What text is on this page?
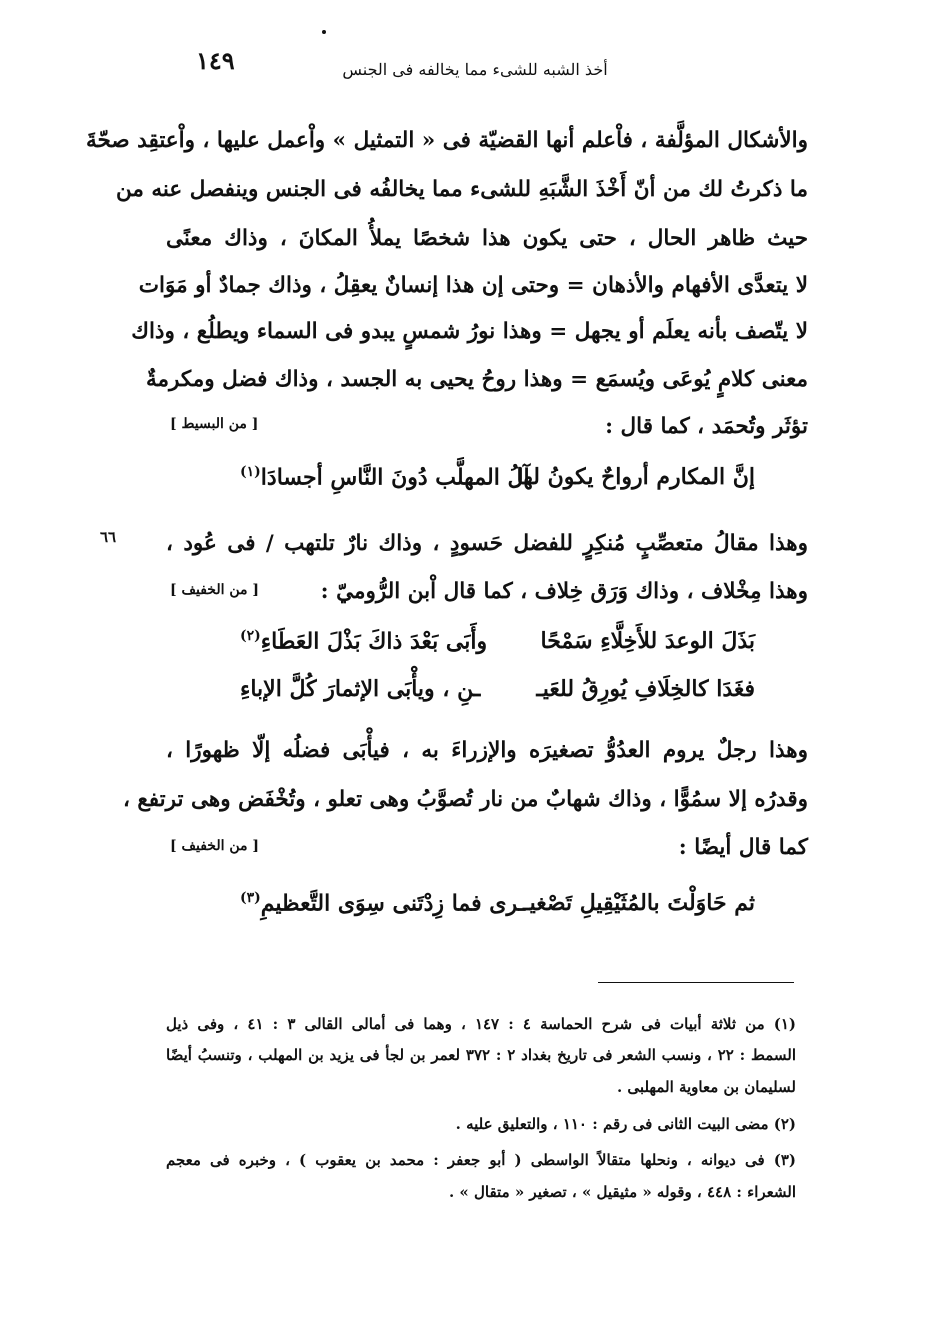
١٤٩	أخذ الشبه للشىء مما يخالفه فى الجنس
والأشكال المؤلَّفة ، فاْعلم أنها القضيّة فى « التمثيل » واْعمل عليها ، واْعتقِد صحّةَ
ما ذكرتُ لك من أنّ أَخْذَ الشَّبَهِ للشىء مما يخالفُه فى الجنس وينفصل عنه من
حيث ظاهر الحال ، حتى يكون هذا شخصًا يملأُ المكانَ ، وذاك معنًى
لا يتعدَّى الأفهام والأذهان = وحتى إن هذا إنسانٌ يعقِلُ ، وذاك جمادٌ أو مَوَات
لا يتّصف بأنه يعلَم أو يجهل = وهذا نورُ شمسٍ يبدو فى السماء ويطلُع ، وذاك
معنى كلامٍ يُوعَى ويُسمَع = وهذا روحُ يحيى به الجسد ، وذاك فضل ومكرمةٌ
تؤثَر وتُحمَد ، كما قال :
[ من البسيط ]
إنَّ المكارم أرواحٌ يكونُ لها
آلُ المهلَّب دُونَ النَّاسِ أجسادَا$^{(١)}$
٦٦ وهذا مقالُ متعصِّبٍ مُنكِرٍ للفضل حَسودٍ ، وذاك نارٌ تلتهب / فى عُود ،
وهذا مِخْلاف ، وذاك وَرَق خِلاف ، كما قال اْبن الرُّوميّ :
[ من الخفيف ]
بَذَلَ الوعدَ للأَخِلَّاءِ سَمْحًا
وأَبَى بَعْدَ ذاكَ بَذْلَ العَطَاءِ$^{(٢)}$
فغَدَا كالخِلَافِ يُورِقُ للعَيـ
ـنِ ، ويأْبَى الإثمارَ كُلَّ الإباءِ
وهذا رجلٌ يروم العدُوُّ تصغيرَه والإزراءَ به ، فيأْبَى فضلُه إلّا ظهورًا ،
وقدرُه إلا سمُوًّا ، وذاك شهابٌ من نار تُصوَّبُ وهى تعلو ، وتُخْفَض وهى ترتفع ،
كما قال أيضًا :
[ من الخفيف ]
ثم حَاوَلْتَ بالمُثَيْقِيلِ تَصْغيـ
ـرى فما زِدْتَنى سِوَى التَّعظيمِ$^{(٣)}$
(١) من ثلاثة أبيات فى شرح الحماسة ٤ : ١٤٧ ، وهما فى أمالى القالى ٣ : ٤١ ، وفى ذيل
السمط : ٢٢ ، ونسب الشعر فى تاريخ بغداد ٢ : ٣٧٢ لعمر بن لجأ فى يزيد بن المهلب ، وتنسبُ أيضًا
لسليمان بن معاوية المهلبى .
(٢) مضى البيت الثانى فى رقم : ١١٠ ، والتعليق عليه .
(٣) فى ديوانه ، ونحلها متقالاً الواسطى ( أبو جعفر : محمد بن يعقوب ) ، وخبره فى معجم
الشعراء : ٤٤٨ ، وقوله « مثيقيل » ، تصغير « متقال » .
